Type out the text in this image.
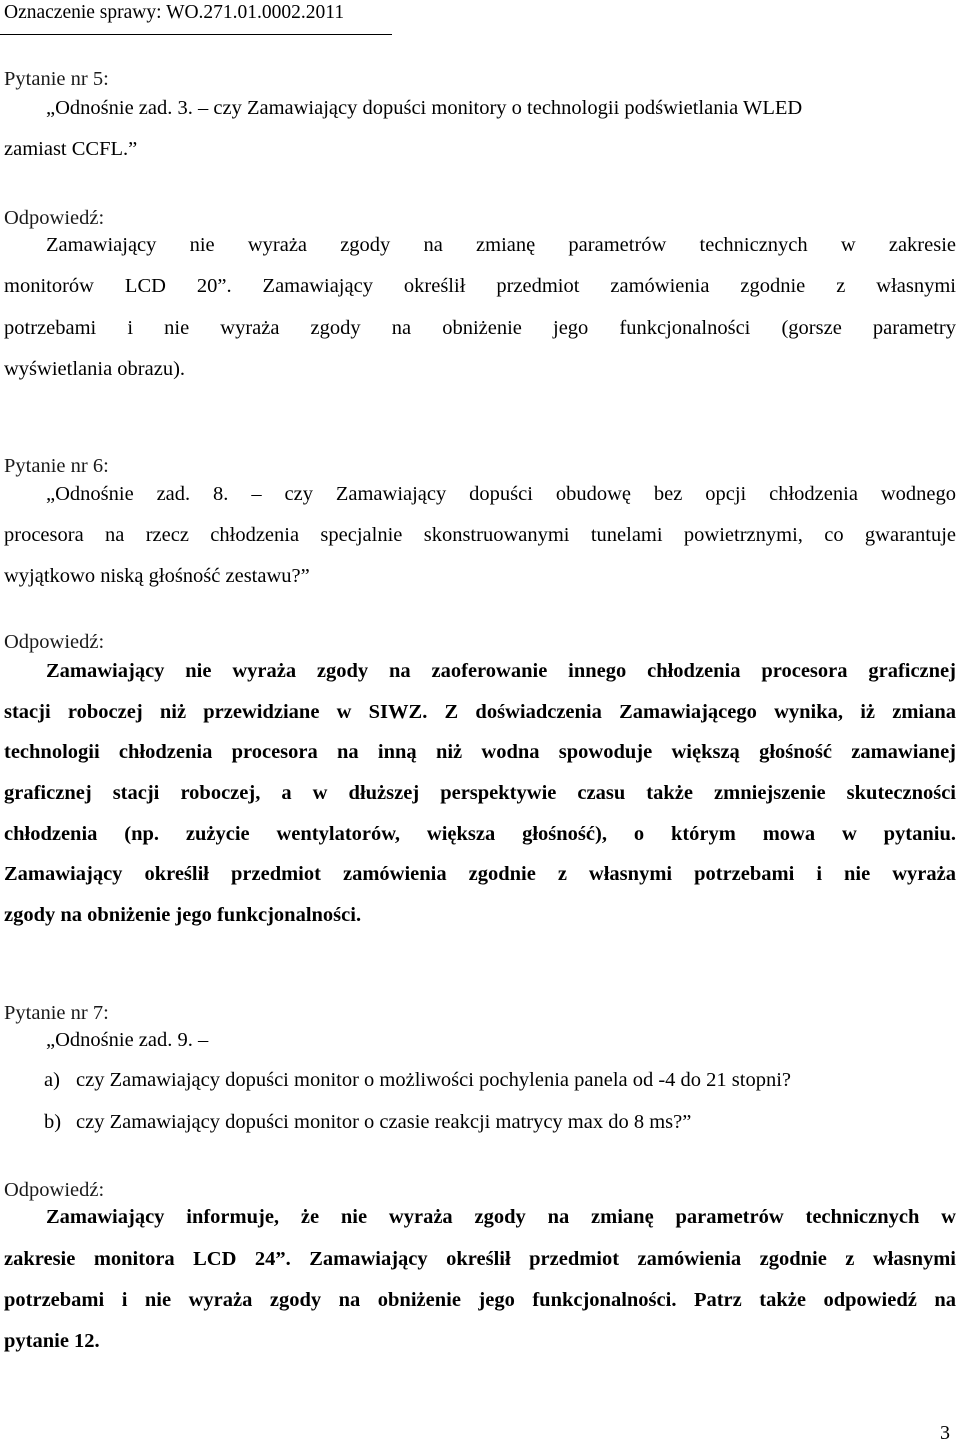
Oznaczenie sprawy: WO.271.01.0002.2011
Pytanie nr 5:
„Odnośnie zad. 3. – czy Zamawiający dopuści monitory o technologii podświetlania WLED
zamiast CCFL.”
Odpowiedź:
Zamawiający nie wyraża zgody na zmianę parametrów technicznych w zakresie
monitorów LCD 20”. Zamawiający określił przedmiot zamówienia zgodnie z własnymi
potrzebami i nie wyraża zgody na obniżenie jego funkcjonalności (gorsze parametry
wyświetlania obrazu).
Pytanie nr 6:
„Odnośnie zad. 8. – czy Zamawiający dopuści obudowę bez opcji chłodzenia wodnego
procesora na rzecz chłodzenia specjalnie skonstruowanymi tunelami powietrznymi, co gwarantuje
wyjątkowo niską głośność zestawu?”
Odpowiedź:
Zamawiający nie wyraża zgody na zaoferowanie innego chłodzenia procesora graficznej
stacji roboczej niż przewidziane w SIWZ. Z doświadczenia Zamawiającego wynika, iż zmiana
technologii chłodzenia procesora na inną niż wodna spowoduje większą głośność zamawianej
graficznej stacji roboczej, a w dłuższej perspektywie czasu także zmniejszenie skuteczności
chłodzenia (np. zużycie wentylatorów, większa głośność), o którym mowa w pytaniu.
Zamawiający określił przedmiot zamówienia zgodnie z własnymi potrzebami i nie wyraża
zgody na obniżenie jego funkcjonalności.
Pytanie nr 7:
„Odnośnie zad. 9. –
a) czy Zamawiający dopuści monitor o możliwości pochylenia panela od -4 do 21 stopni?
b) czy Zamawiający dopuści monitor o czasie reakcji matrycy max do 8 ms?”
Odpowiedź:
Zamawiający informuje, że nie wyraża zgody na zmianę parametrów technicznych w
zakresie monitora LCD 24”. Zamawiający określił przedmiot zamówienia zgodnie z własnymi
potrzebami i nie wyraża zgody na obniżenie jego funkcjonalności. Patrz także odpowiedź na
pytanie 12.
3
